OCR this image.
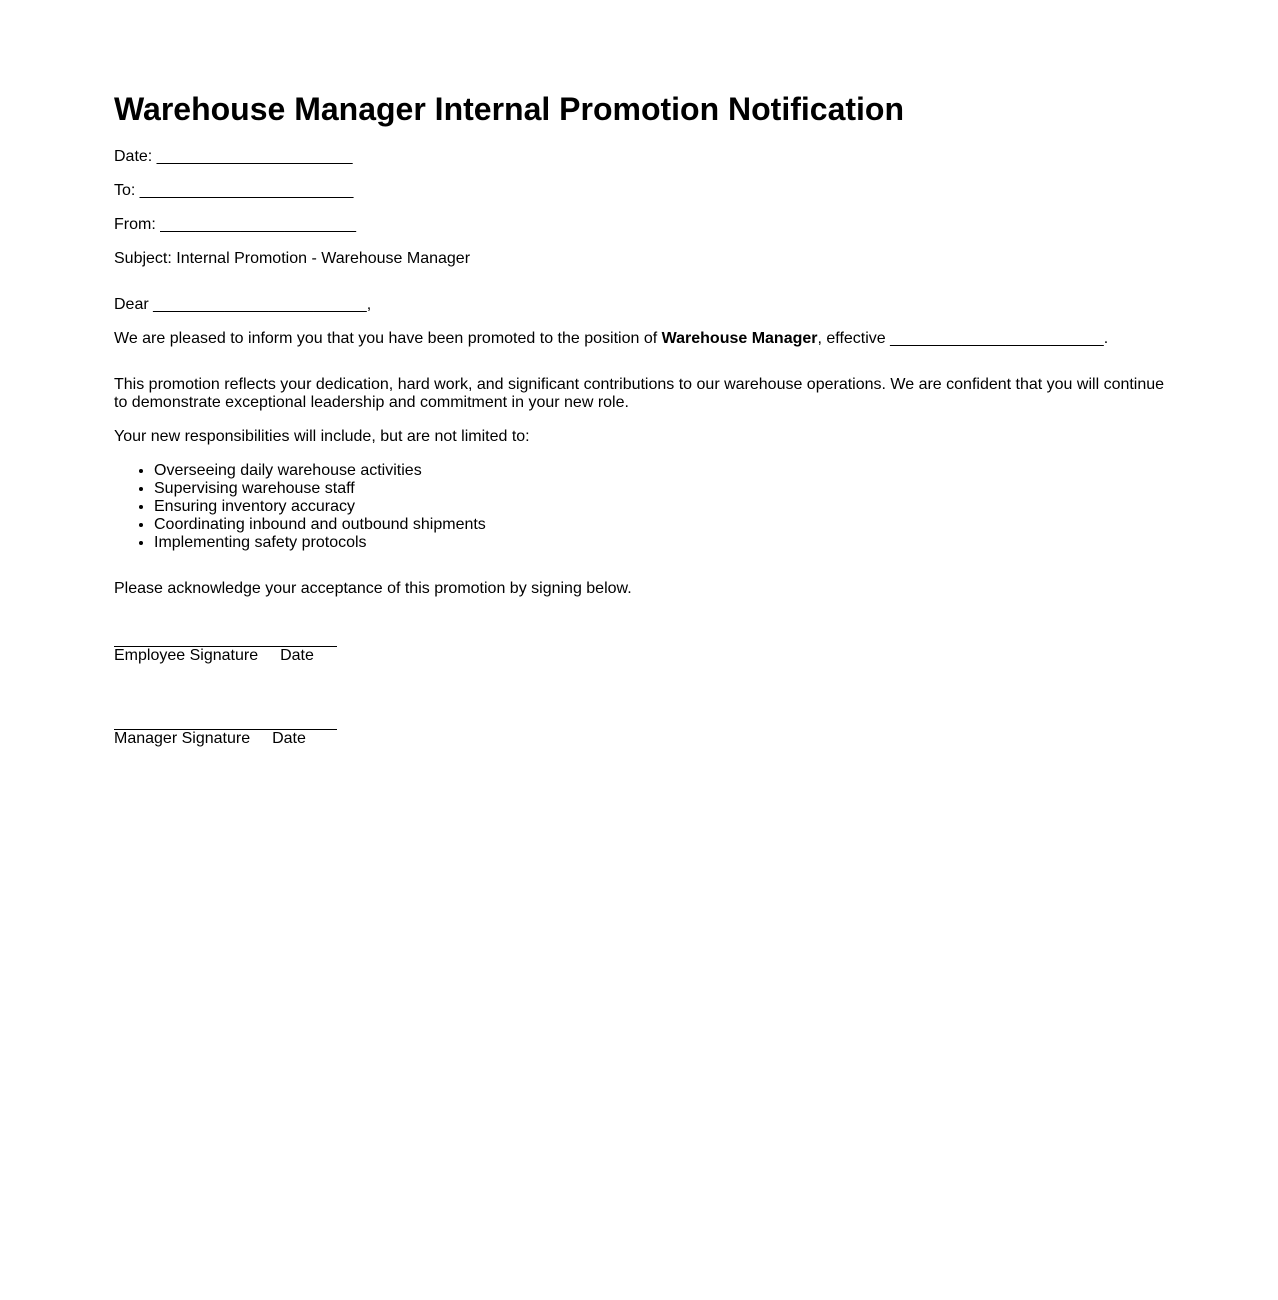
Warehouse Manager Internal Promotion Notification

Date: ______________________

To: ________________________

From: ______________________

Subject: Internal Promotion - Warehouse Manager

Dear ________________________,

We are pleased to inform you that you have been promoted to the position of Warehouse Manager, effective ________________________.

This promotion reflects your dedication, hard work, and significant contributions to our warehouse operations. We are confident that you will continue to demonstrate exceptional leadership and commitment in your new role.

Your new responsibilities will include, but are not limited to:

• Overseeing daily warehouse activities
• Supervising warehouse staff
• Ensuring inventory accuracy
• Coordinating inbound and outbound shipments
• Implementing safety protocols

Please acknowledge your acceptance of this promotion by signing below.

Employee Signature Date
Manager Signature Date
